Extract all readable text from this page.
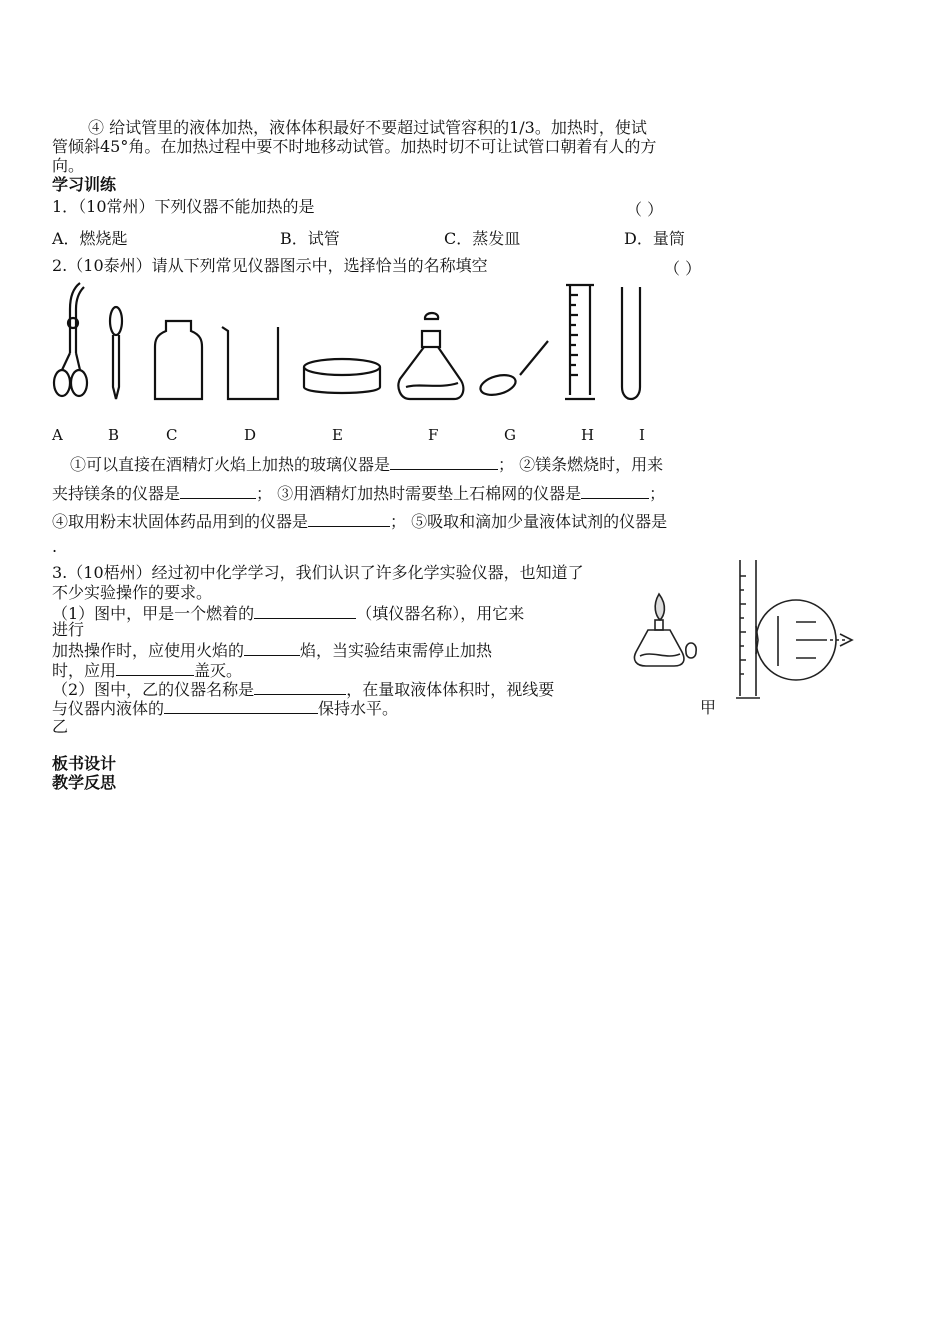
④ 给试管里的液体加热，液体体积最好不要超过试管容积的1/3。加热时，使试
管倾斜45°角。在加热过程中要不时地移动试管。加热时切不可让试管口朝着有人的方
向。
学习训练
1．（10常州）下列仪器不能加热的是	（ ）
A．燃烧匙	B．试管	C．蒸发皿	D．量筒
2.（10泰州）请从下列常见仪器图示中，选择恰当的名称填空	（ ）
A	B	C	D	E	F	G	H	I
①可以直接在酒精灯火焰上加热的玻璃仪器是	； ②镁条燃烧时，用来
夹持镁条的仪器是	； ③用酒精灯加热时需要垫上石棉网的仪器是	；
④取用粉末状固体药品用到的仪器是	； ⑤吸取和滴加少量液体试剂的仪器是
.
3.（10梧州）经过初中化学学习，我们认识了许多化学实验仪器，也知道了
不少实验操作的要求。
（1）图中，甲是一个燃着的	（填仪器名称），用它来
进行
加热操作时，应使用火焰的	焰，当实验结束需停止加热
时，应用	盖灭。
（2）图中，乙的仪器名称是	，在量取液体体积时，视线要
与仪器内液体的	保持水平。	甲
乙
板书设计
教学反思
